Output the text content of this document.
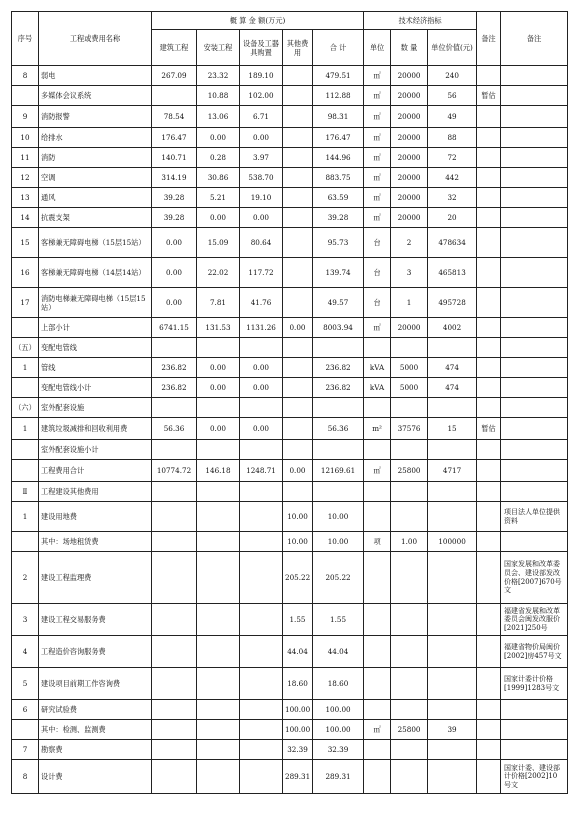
序号	工程或费用名称	概 算 金 额(万元)					技术经济指标			备注	备注
		建筑工程	安装工程	设备及工器具购置	其他费用	合 计	单位	数 量	单位价值(元)		
8	弱电	267.09	23.32	189.10		479.51	㎡	20000	240		
	多媒体会议系统		10.88	102.00		112.88	㎡	20000	56	暂估	
9	消防报警	78.54	13.06	6.71		98.31	㎡	20000	49		
10	给排水	176.47	0.00	0.00		176.47	㎡	20000	88		
11	消防	140.71	0.28	3.97		144.96	㎡	20000	72		
12	空调	314.19	30.86	538.70		883.75	㎡	20000	442		
13	通风	39.28	5.21	19.10		63.59	㎡	20000	32		
14	抗震支架	39.28	0.00	0.00		39.28	㎡	20000	20		
15	客梯兼无障碍电梯（15层15站）	0.00	15.09	80.64		95.73	台	2	478634		
16	客梯兼无障碍电梯（14层14站）	0.00	22.02	117.72		139.74	台	3	465813		
17	消防电梯兼无障碍电梯（15层15站）	0.00	7.81	41.76		49.57	台	1	495728		
	上部小计	6741.15	131.53	1131.26	0.00	8003.94	㎡	20000	4002		
（五）	变配电管线										
1	管线	236.82	0.00	0.00		236.82	kVA	5000	474		
	变配电管线小计	236.82	0.00	0.00		236.82	kVA	5000	474		
（六）	室外配套设施										
1	建筑垃圾减排和回收利用费	56.36	0.00	0.00		56.36	m²	37576	15	暂估	
	室外配套设施小计										
	工程费用合计	10774.72	146.18	1248.71	0.00	12169.61	㎡	25800	4717		
Ⅱ	工程建设其他费用										
1	建设用地费				10.00	10.00					项目法人单位提供资料
	其中：场地租赁费				10.00	10.00	项	1.00	100000		
2	建设工程监理费				205.22	205.22					国家发展和改革委员会、建设部发改价格[2007]670号文
3	建设工程交易服务费				1.55	1.55					福建省发展和改革委员会闽发改服价[2021]250号
4	工程造价咨询服务费				44.04	44.04					福建省物价局闽价[2002]房457号文
5	建设项目前期工作咨询费				18.60	18.60					国家计委计价格[1999]1283号文
6	研究试验费				100.00	100.00					
	其中：检测、监测费				100.00	100.00	㎡	25800	39		
7	勘察费				32.39	32.39					
8	设计费				289.31	289.31					国家计委、建设部计价格[2002]10号文
